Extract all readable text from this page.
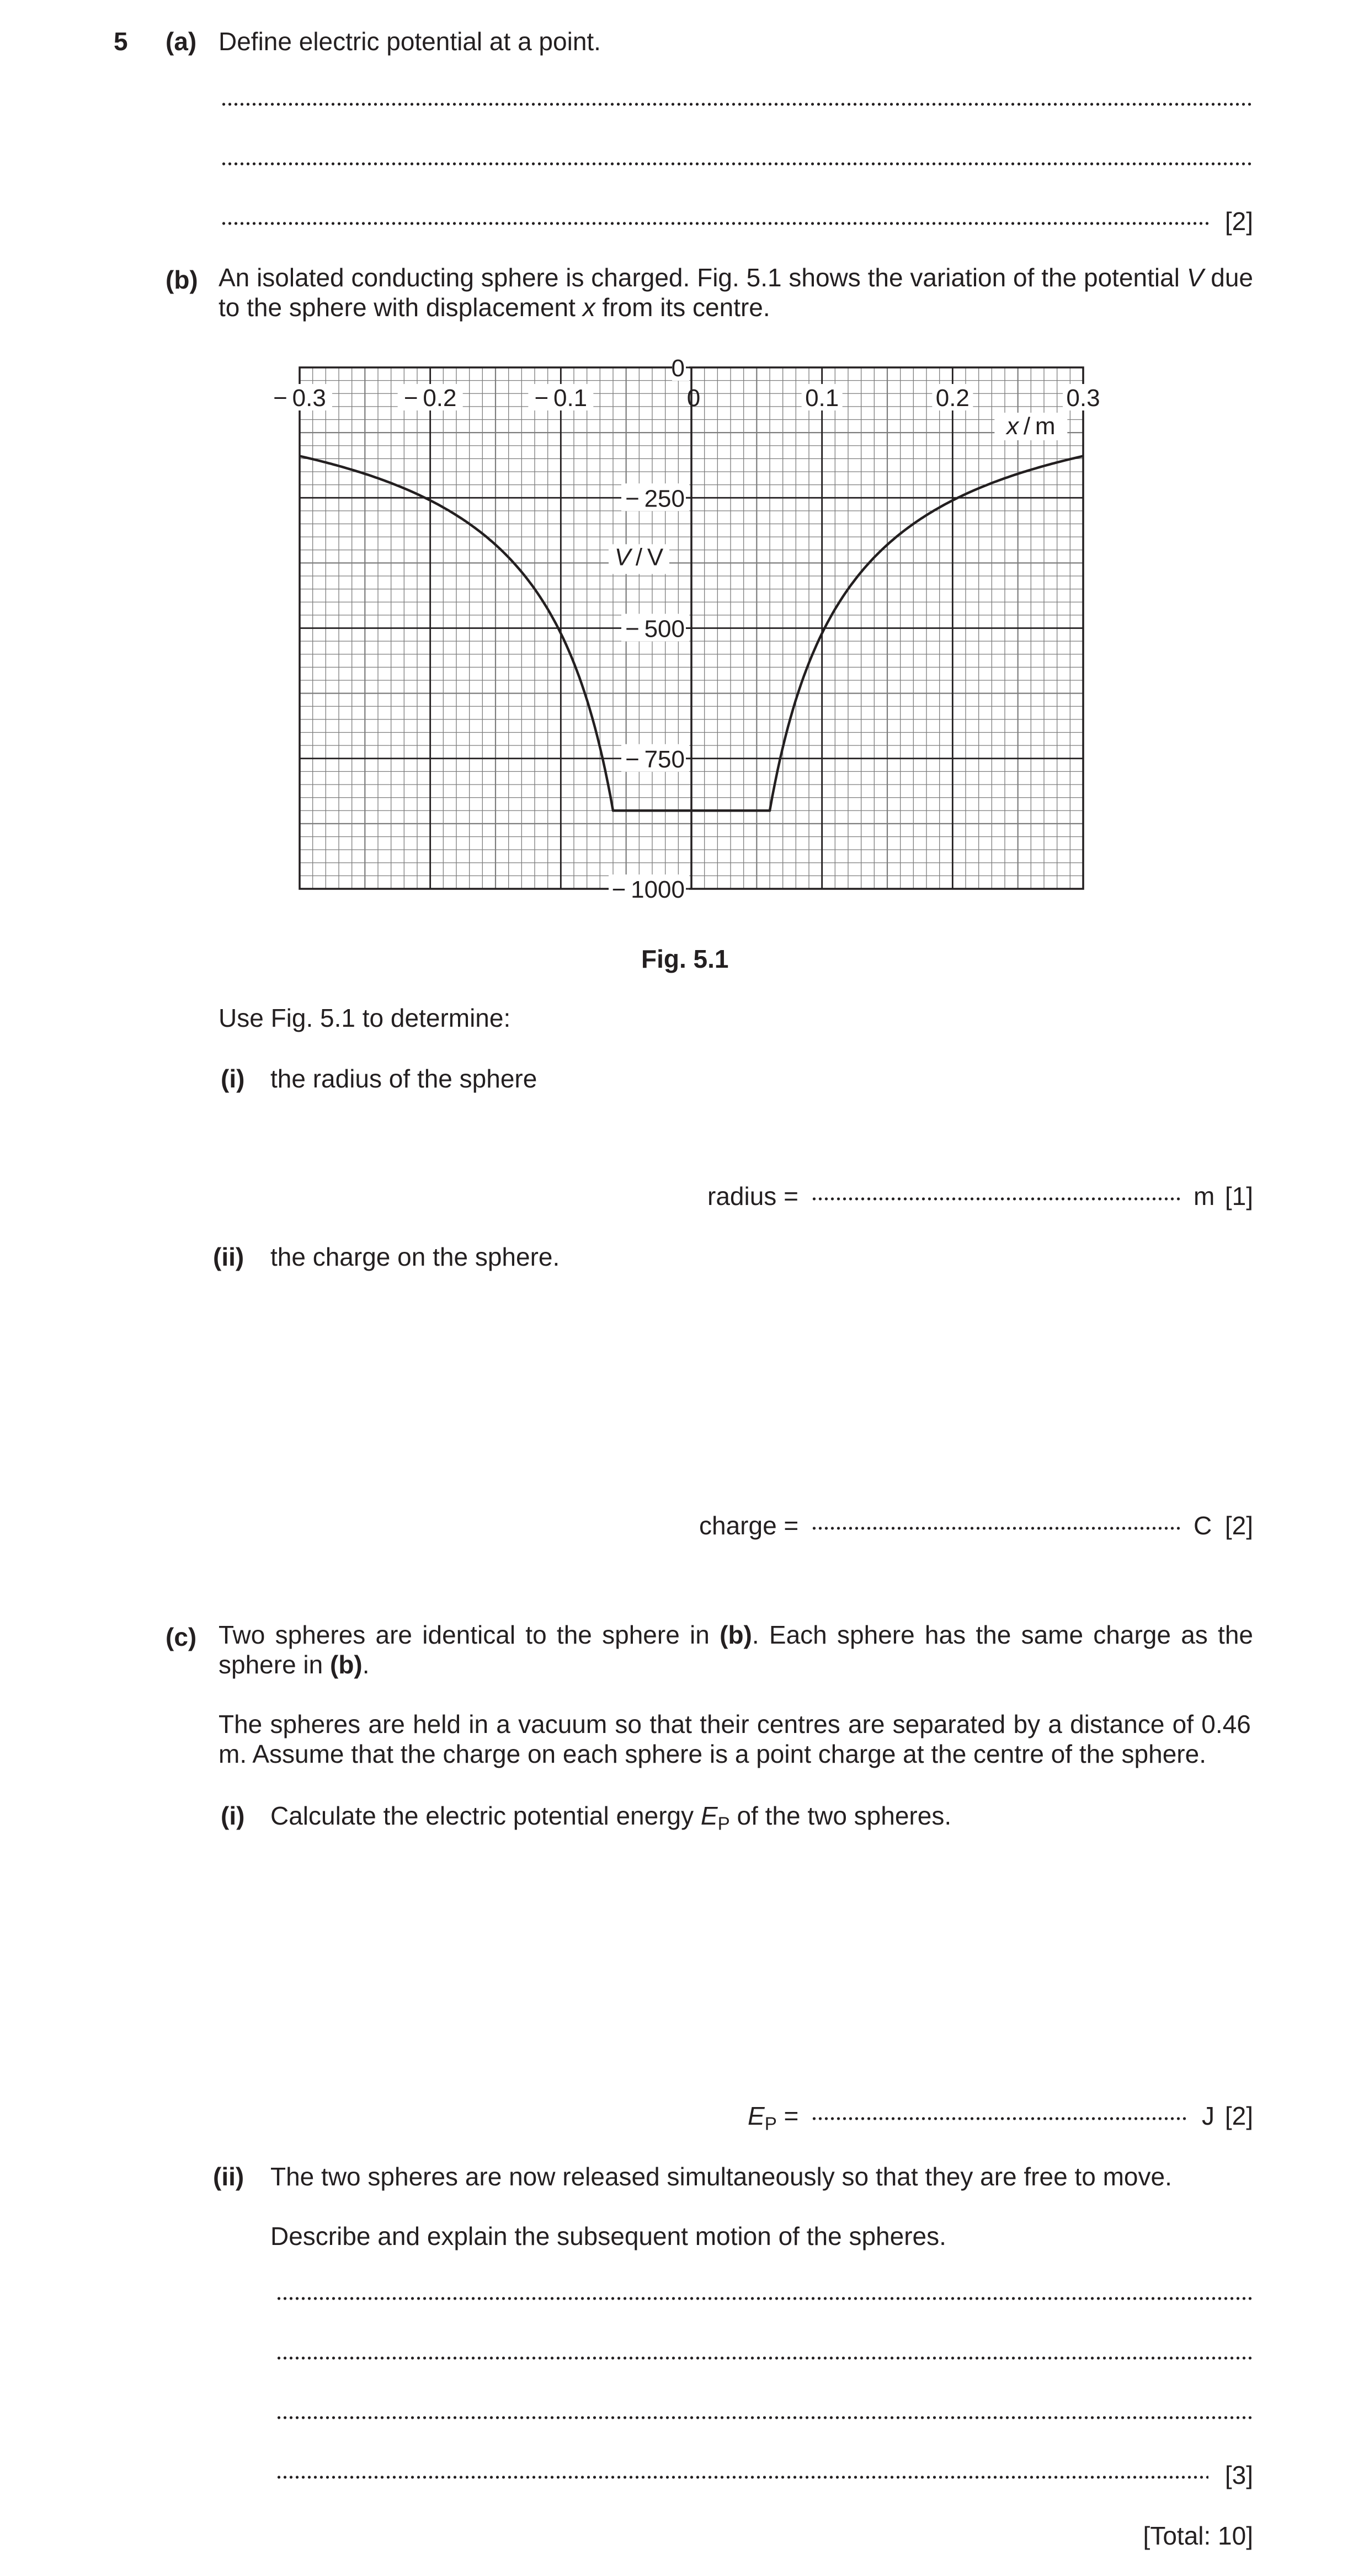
5 (a) Define electric potential at a point.
[2]
(b) An isolated conducting sphere is charged. Fig. 5.1 shows the variation of the potential V due to the sphere with displacement x from its centre.
− 0.3	− 0.2	− 0.1	0	0.1	0.2	0.3
0
− 250
− 500
− 750
− 1000
x / m
V / V
Fig. 5.1
Use Fig. 5.1 to determine:
(i) the radius of the sphere
radius =	m [1]
(ii) the charge on the sphere.
charge =	C [2]
(c) Two spheres are identical to the sphere in (b). Each sphere has the same charge as the sphere in (b).
The spheres are held in a vacuum so that their centres are separated by a distance of 0.46 m. Assume that the charge on each sphere is a point charge at the centre of the sphere.
(i) Calculate the electric potential energy $E_P$ of the two spheres.
$E_P$ =	J [2]
(ii) The two spheres are now released simultaneously so that they are free to move.
Describe and explain the subsequent motion of the spheres.
[3]
[Total: 10]
